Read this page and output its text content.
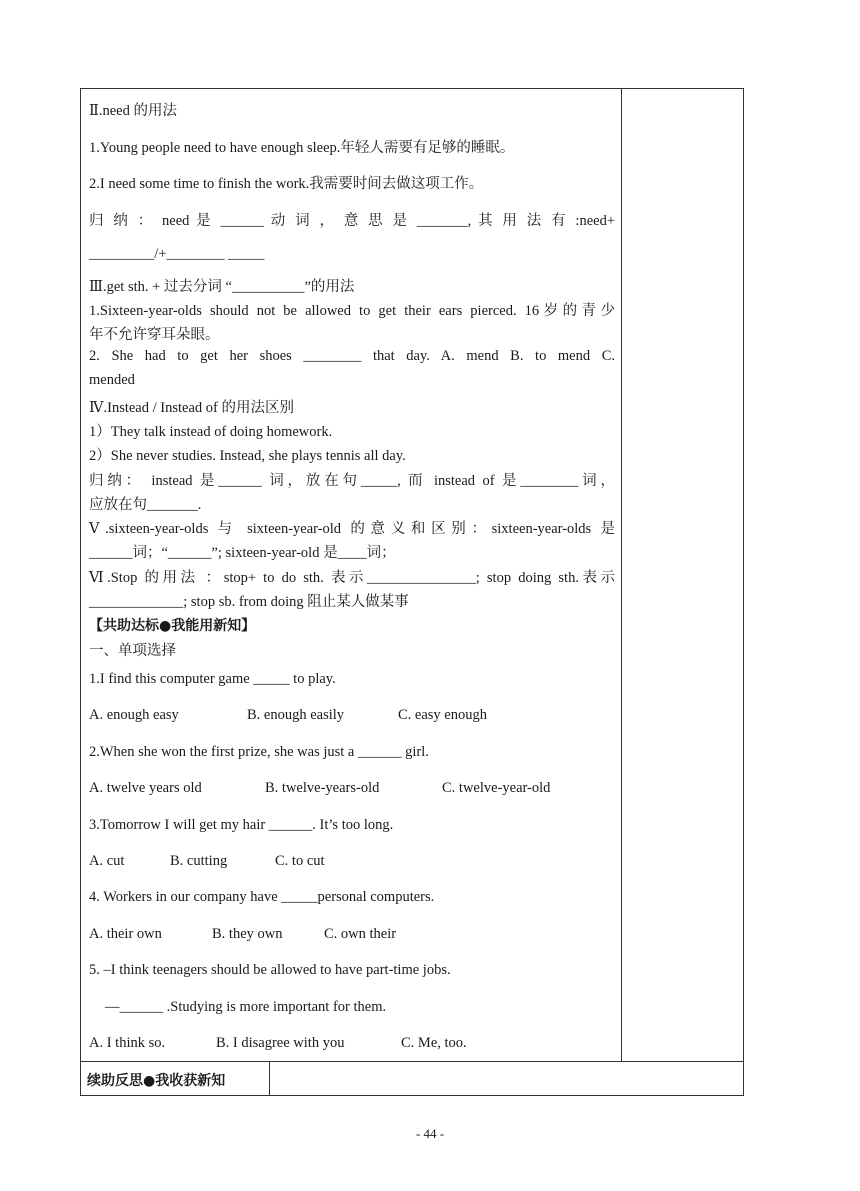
Ⅱ.need 的用法
1.Young people need to have enough sleep.年轻人需要有足够的睡眠。
2.I need some time to finish the work.我需要时间去做这项工作。
归 纳 ： need 是 ______ 动 词 ， 意 思 是 _______, 其 用 法 有 :need+
_________/+________ _____
Ⅲ.get sth. + 过去分词 “__________”的用法
1.Sixteen-year-olds should not be allowed to get their ears pierced. 16岁的青少
年不允许穿耳朵眼。
2. She had to get her shoes ________ that day. A. mend B. to mend C.
mended
Ⅳ.Instead / Instead of 的用法区别
1）They talk instead of doing homework.
2）She never studies. Instead, she plays tennis all day.
归纳： instead 是______ 词，放在句_____, 而 instead of 是________词，
应放在句_______.
Ⅴ.sixteen-year-olds 与 sixteen-year-old 的意义和区别：sixteen-year-olds 是
______词；“______”; sixteen-year-old 是____词；
Ⅵ.Stop 的用法 ：stop+ to do sth. 表示_______________; stop doing sth.表示
_____________; stop sb. from doing 阻止某人做某事
【共助达标●我能用新知】
一、单项选择
1.I find this computer game _____ to play.
A. enough easy	B. enough easily	C. easy enough
2.When she won the first prize, she was just a ______ girl.
A. twelve years old	B. twelve-years-old	C. twelve-year-old
3.Tomorrow I will get my hair ______. It’s too long.
A. cut	B. cutting	C. to cut
4. Workers in our company have _____personal computers.
A. their own	B. they own	C. own their
5. –I think teenagers should be allowed to have part-time jobs.
—______ .Studying is more important for them.
A. I think so.	B. I disagree with you	C. Me, too.
续助反思●我收获新知
- 44 -
